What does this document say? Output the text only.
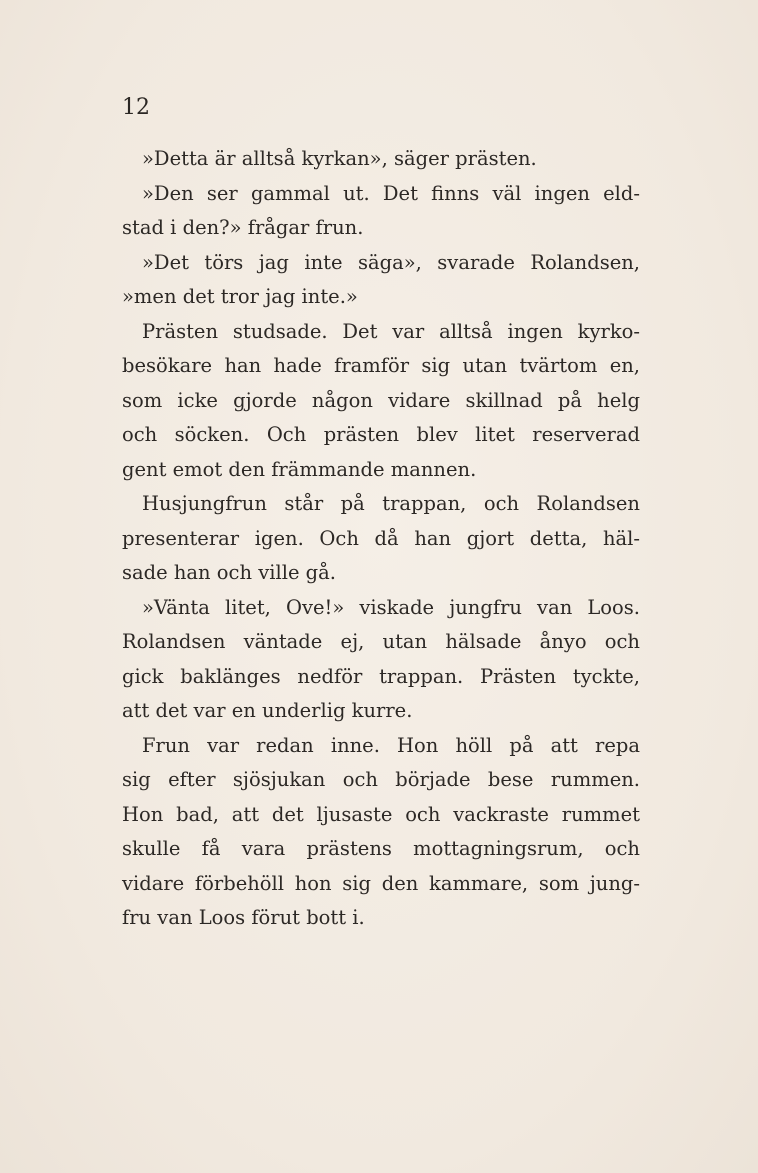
12
»Detta är alltså kyrkan», säger prästen.
»Den ser gammal ut. Det finns väl ingen eld-
stad i den?» frågar frun.
»Det törs jag inte säga», svarade Rolandsen,
»men det tror jag inte.»
Prästen studsade. Det var alltså ingen kyrko-
besökare han hade framför sig utan tvärtom en,
som icke gjorde någon vidare skillnad på helg
och söcken. Och prästen blev litet reserverad
gent emot den främmande mannen.
Husjungfrun står på trappan, och Rolandsen
presenterar igen. Och då han gjort detta, häl-
sade han och ville gå.
»Vänta litet, Ove!» viskade jungfru van Loos.
Rolandsen väntade ej, utan hälsade ånyo och
gick baklänges nedför trappan. Prästen tyckte,
att det var en underlig kurre.
Frun var redan inne. Hon höll på att repa
sig efter sjösjukan och började bese rummen.
Hon bad, att det ljusaste och vackraste rummet
skulle få vara prästens mottagningsrum, och
vidare förbehöll hon sig den kammare, som jung-
fru van Loos förut bott i.
